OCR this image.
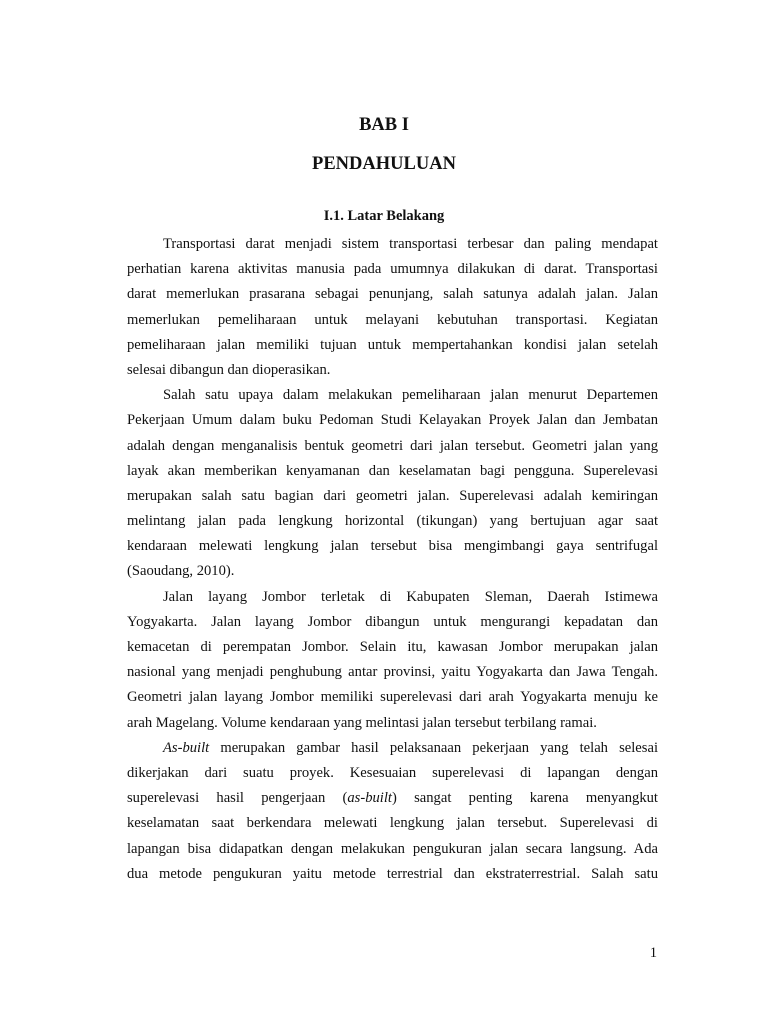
BAB I
PENDAHULUAN
I.1. Latar Belakang
Transportasi darat menjadi sistem transportasi terbesar dan paling mendapat
perhatian karena aktivitas manusia pada umumnya dilakukan di darat. Transportasi
darat memerlukan prasarana sebagai penunjang, salah satunya adalah jalan. Jalan
memerlukan pemeliharaan untuk melayani kebutuhan transportasi. Kegiatan
pemeliharaan jalan memiliki tujuan untuk mempertahankan kondisi jalan setelah
selesai dibangun dan dioperasikan.
Salah satu upaya dalam melakukan pemeliharaan jalan menurut Departemen
Pekerjaan Umum dalam buku Pedoman Studi Kelayakan Proyek Jalan dan Jembatan
adalah dengan menganalisis bentuk geometri dari jalan tersebut. Geometri jalan yang
layak akan memberikan kenyamanan dan keselamatan bagi pengguna. Superelevasi
merupakan salah satu bagian dari geometri jalan. Superelevasi adalah kemiringan
melintang jalan pada lengkung horizontal (tikungan) yang bertujuan agar saat
kendaraan melewati lengkung jalan tersebut bisa mengimbangi gaya sentrifugal
(Saoudang, 2010).
Jalan layang Jombor terletak di Kabupaten Sleman, Daerah Istimewa
Yogyakarta. Jalan layang Jombor dibangun untuk mengurangi kepadatan dan
kemacetan di perempatan Jombor. Selain itu, kawasan Jombor merupakan jalan
nasional yang menjadi penghubung antar provinsi, yaitu Yogyakarta dan Jawa Tengah.
Geometri jalan layang Jombor memiliki superelevasi dari arah Yogyakarta menuju ke
arah Magelang. Volume kendaraan yang melintasi jalan tersebut terbilang ramai.
As-built merupakan gambar hasil pelaksanaan pekerjaan yang telah selesai
dikerjakan dari suatu proyek. Kesesuaian superelevasi di lapangan dengan
superelevasi hasil pengerjaan (as-built) sangat penting karena menyangkut
keselamatan saat berkendara melewati lengkung jalan tersebut. Superelevasi di
lapangan bisa didapatkan dengan melakukan pengukuran jalan secara langsung. Ada
dua metode pengukuran yaitu metode terrestrial dan ekstraterrestrial. Salah satu
1
